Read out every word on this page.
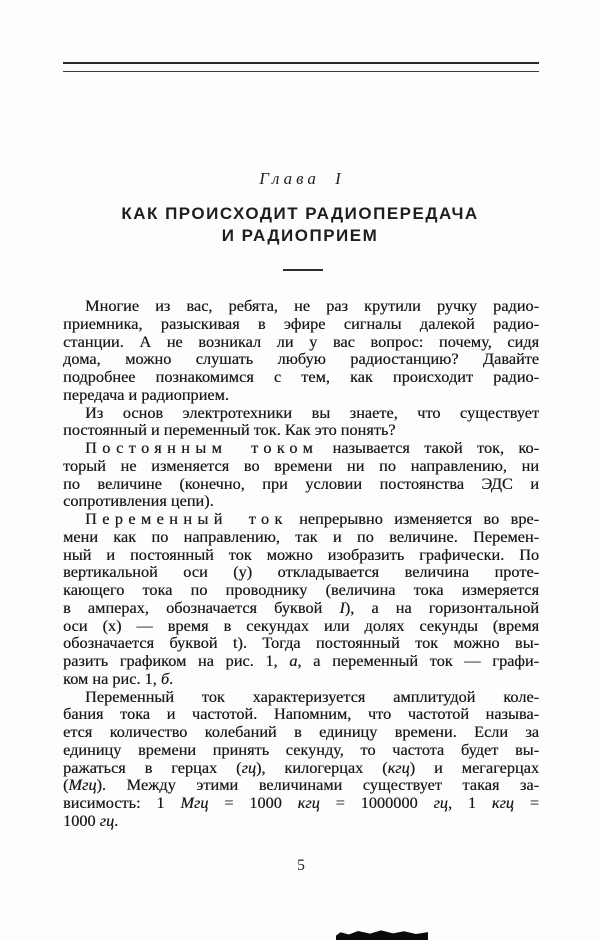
Глава I
КАК ПРОИСХОДИТ РАДИОПЕРЕДАЧА
И РАДИОПРИЕМ
Многие из вас, ребята, не раз крутили ручку радио-
приемника, разыскивая в эфире сигналы далекой радио-
станции. А не возникал ли у вас вопрос: почему, сидя
дома, можно слушать любую радиостанцию? Давайте
подробнее познакомимся с тем, как происходит радио-
передача и радиоприем.
Из основ электротехники вы знаете, что существует
постоянный и переменный ток. Как это понять?
Постоянным током называется такой ток, ко-
торый не изменяется во времени ни по направлению, ни
по величине (конечно, при условии постоянства ЭДС и
сопротивления цепи).
Переменный ток непрерывно изменяется во вре-
мени как по направлению, так и по величине. Перемен-
ный и постоянный ток можно изобразить графически. По
вертикальной оси (у) откладывается величина проте-
кающего тока по проводнику (величина тока измеряется
в амперах, обозначается буквой I), а на горизонтальной
оси (х) — время в секундах или долях секунды (время
обозначается буквой t). Тогда постоянный ток можно вы-
разить графиком на рис. 1, а, а переменный ток — графи-
ком на рис. 1, б.
Переменный ток характеризуется амплитудой коле-
бания тока и частотой. Напомним, что частотой называ-
ется количество колебаний в единицу времени. Если за
единицу времени принять секунду, то частота будет вы-
ражаться в герцах (гц), килогерцах (кгц) и мегагерцах
(Мгц). Между этими величинами существует такая за-
висимость: 1 Мгц = 1000 кгц = 1000000 гц, 1 кгц =
1000 гц.
5
